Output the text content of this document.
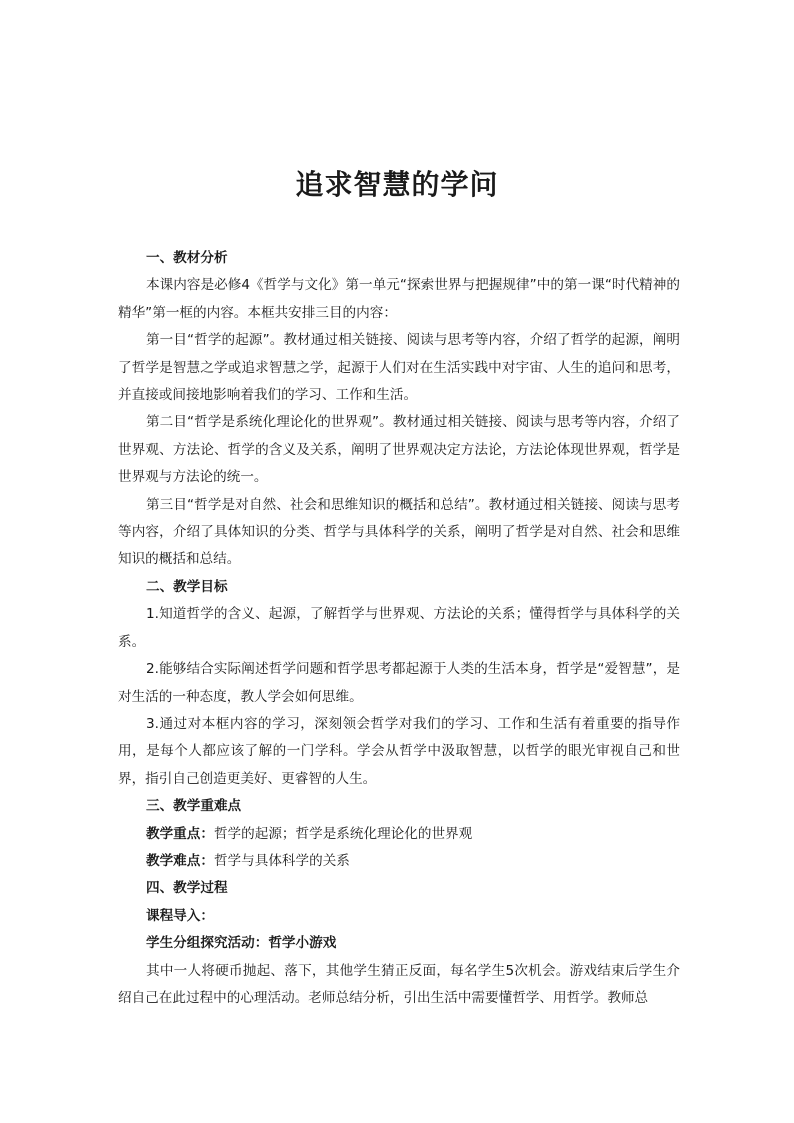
追求智慧的学问

一、教材分析

本课内容是必修4《哲学与文化》第一单元“探索世界与把握规律”中的第一课“时代精神的精华”第一框的内容。本框共安排三目的内容：

第一目“哲学的起源”。教材通过相关链接、阅读与思考等内容，介绍了哲学的起源，阐明了哲学是智慧之学或追求智慧之学，起源于人们对在生活实践中对宇宙、人生的追问和思考，并直接或间接地影响着我们的学习、工作和生活。

第二目“哲学是系统化理论化的世界观”。教材通过相关链接、阅读与思考等内容，介绍了世界观、方法论、哲学的含义及关系，阐明了世界观决定方法论，方法论体现世界观，哲学是世界观与方法论的统一。

第三目“哲学是对自然、社会和思维知识的概括和总结”。教材通过相关链接、阅读与思考等内容，介绍了具体知识的分类、哲学与具体科学的关系，阐明了哲学是对自然、社会和思维知识的概括和总结。

二、教学目标

1.知道哲学的含义、起源，了解哲学与世界观、方法论的关系；懂得哲学与具体科学的关系。

2.能够结合实际阐述哲学问题和哲学思考都起源于人类的生活本身，哲学是“爱智慧”，是对生活的一种态度，教人学会如何思维。

3.通过对本框内容的学习，深刻领会哲学对我们的学习、工作和生活有着重要的指导作用，是每个人都应该了解的一门学科。学会从哲学中汲取智慧，以哲学的眼光审视自己和世界，指引自己创造更美好、更睿智的人生。

三、教学重难点

教学重点：哲学的起源；哲学是系统化理论化的世界观

教学难点：哲学与具体科学的关系

四、教学过程

课程导入：

学生分组探究活动：哲学小游戏

其中一人将硬币抛起、落下，其他学生猜正反面，每名学生5次机会。游戏结束后学生介绍自己在此过程中的心理活动。老师总结分析，引出生活中需要懂哲学、用哲学。教师总
